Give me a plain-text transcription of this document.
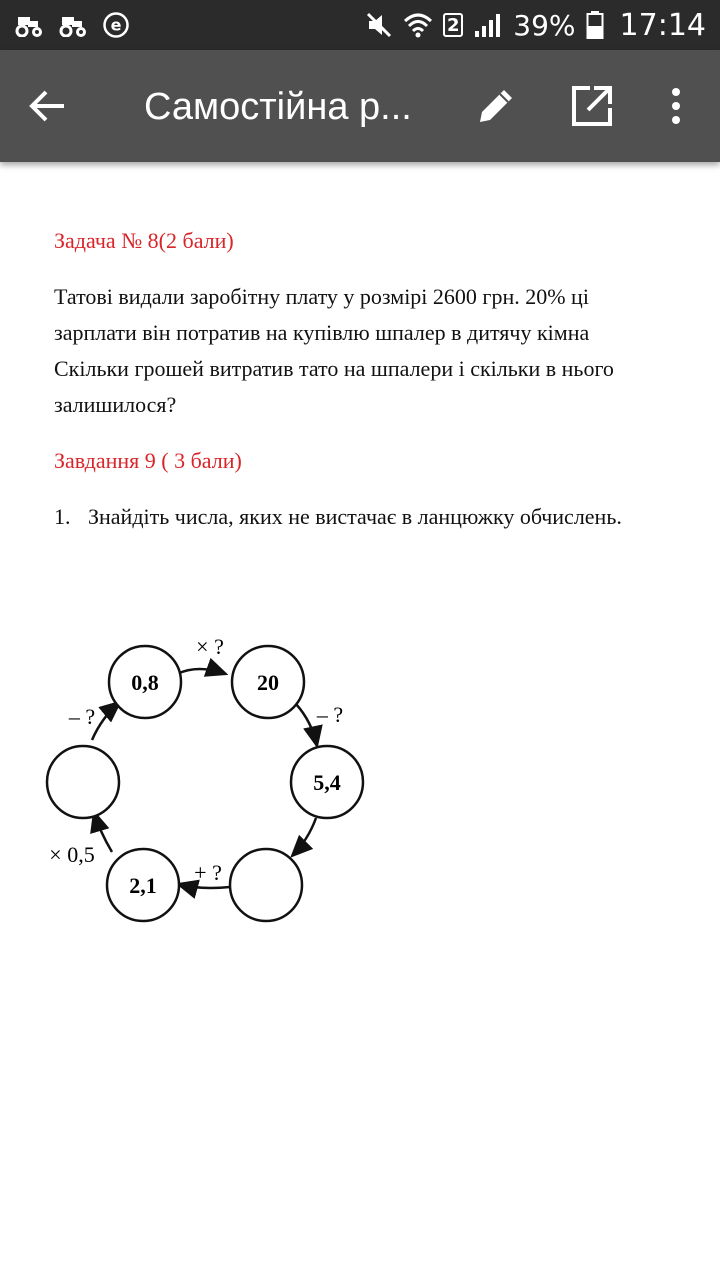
e	2 39% 17:14
Самостійна р...
Задача № 8(2 бали)
Татові видали заробітну плату у розмірі 2600 грн. 20% ці
зарплати він потратив на купівлю шпалер в дитячу кімна
Скільки грошей витратив тато на шпалери і скільки в нього
залишилося?
Завдання 9 ( 3 бали)
1. Знайдіть числа, яких не вистачає в ланцюжку обчислень.
0,8	20
5,4
2,1
× ?
– ?
+ ?
× 0,5
– ?
